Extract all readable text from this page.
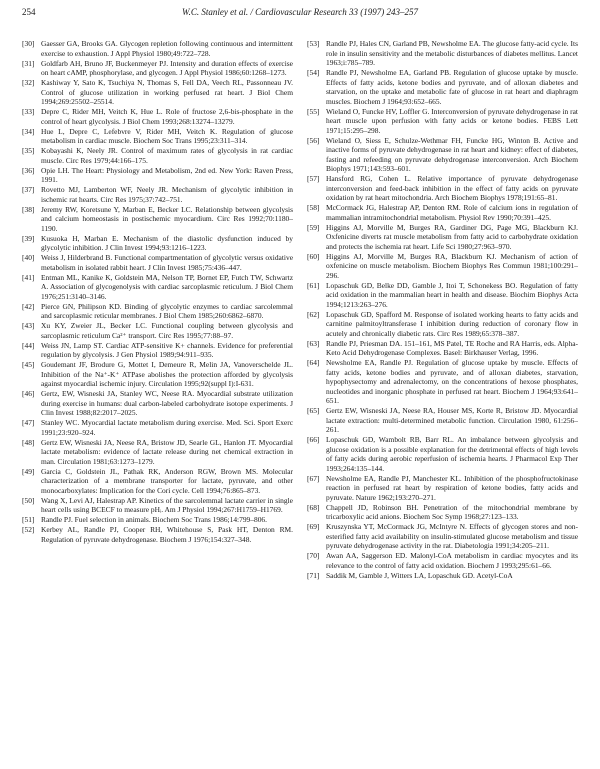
254	W.C. Stanley et al. / Cardiovascular Research 33 (1997) 243–257
[30] Gaesser GA, Brooks GA. Glycogen repletion following continuous and intermittent exercise to exhaustion. J Appl Physiol 1980;49:722–728.
[31] Goldfarb AH, Bruno JF, Buckenmeyer PJ. Intensity and duration effects of exercise on heart cAMP, phosphorylase, and glycogen. J Appl Physiol 1986;60:1268–1273.
[32] Kashiway Y, Sato K, Tsuchiya N, Thomas S, Fell DA, Veech RL, Passonneau JV. Control of glucose utilization in working perfused rat heart. J Biol Chem 1994;269:25502–25514.
[33] Depre C, Rider MH, Veitch K, Hue L. Role of fructose 2,6-bis-phosphate in the control of heart glycolysis. J Biol Chem 1993;268:13274–13279.
[34] Hue L, Depre C, Lefebvre V, Rider MH, Veitch K. Regulation of glucose metabolism in cardiac muscle. Biochem Soc Trans 1995;23:311–314.
[35] Kobayashi K, Neely JR. Control of maximum rates of glycolysis in rat cardiac muscle. Circ Res 1979;44:166–175.
[36] Opie LH. The Heart: Physiology and Metabolism, 2nd ed. New York: Raven Press, 1991.
[37] Rovetto MJ, Lamberton WF, Neely JR. Mechanism of glycolytic inhibition in ischemic rat hearts. Circ Res 1975;37:742–751.
[38] Jeremy RW, Koretsune Y, Marban E, Becker LC. Relationship between glycolysis and calcium homeostasis in postischemic myocardium. Circ Res 1992;70:1180–1190.
[39] Kusuoka H, Marban E. Mechanism of the diastolic dysfunction induced by glycolytic inhibition. J Clin Invest 1994;93:1216–1223.
[40] Weiss J, Hilderbrand B. Functional compartmentation of glycolytic versus oxidative metabolism in isolated rabbit heart. J Clin Invest 1985;75:436–447.
[41] Entman ML, Kanike K, Goldstein MA, Nelson TP, Bornet EP, Futch TW, Schwartz A. Association of glycogenolysis with cardiac sarcoplasmic reticulum. J Biol Chem 1976;251:3140–3146.
[42] Pierce GN, Philipson KD. Binding of glycolytic enzymes to cardiac sarcolemmal and sarcoplasmic reticular membranes. J Biol Chem 1985;260:6862–6870.
[43] Xu KY, Zweier JL, Becker LC. Functional coupling between glycolysis and sarcoplasmic reticulum Ca²⁺ transport. Circ Res 1995;77:88–97.
[44] Weiss JN, Lamp ST. Cardiac ATP-sensitive K+ channels. Evidence for preferential regulation by glycolysis. J Gen Physiol 1989;94:911–935.
[45] Goudemant JF, Brodure G, Mottet I, Demeure R, Melin JA, Vanoverschelde JL. Inhibition of the Na⁺-K⁺ ATPase abolishes the protection afforded by glycolysis against myocardial ischemic injury. Circulation 1995;92(suppl I):I-631.
[46] Gertz, EW, Wisneski JA, Stanley WC, Neese RA. Myocardial substrate utilization during exercise in humans: dual carbon-labeled carbohydrate isotope experiments. J Clin Invest 1988;82:2017–2025.
[47] Stanley WC. Myocardial lactate metabolism during exercise. Med. Sci. Sport Exerc 1991;23:920–924.
[48] Gertz EW, Wisneski JA, Neese RA, Bristow JD, Searle GL, Hanlon JT. Myocardial lactate metabolism: evidence of lactate release during net chemical extraction in man. Circulation 1981;63:1273–1279.
[49] Garcia C, Goldstein JL, Pathak RK, Anderson RGW, Brown MS. Molecular characterization of a membrane transporter for lactate, pyruvate, and other monocarboxylates: Implication for the Cori cycle. Cell 1994;76:865–873.
[50] Wang X, Levi AJ, Halestrap AP. Kinetics of the sarcolemmal lactate carrier in single heart cells using BCECF to measure pHᵢ. Am J Physiol 1994;267:H1759–H1769.
[51] Randle PJ. Fuel selection in animals. Biochem Soc Trans 1986;14:799–806.
[52] Kerbey AL, Randle PJ, Cooper RH, Whitehouse S, Pask HT, Denton RM. Regulation of pyruvate dehydrogenase. Biochem J 1976;154:327–348.
[53] Randle PJ, Hales CN, Garland PB, Newsholme EA. The glucose fatty-acid cycle. Its role in insulin sensitivity and the metabolic disturbances of diabetes mellitus. Lancet 1963;i:785–789.
[54] Randle PJ, Newsholme EA, Garland PB. Regulation of glucose uptake by muscle. Effects of fatty acids, ketone bodies and pyruvate, and of alloxan diabetes and starvation, on the uptake and metabolic fate of glucose in rat heart and diaphragm muscles. Biochem J 1964;93:652–665.
[55] Wieland O, Funcke HV, Loffler G. Interconversion of pyruvate dehydrogenase in rat heart muscle upon perfusion with fatty acids or ketone bodies. FEBS Lett 1971;15:295–298.
[56] Wieland O, Siess E, Schulze-Wethmar FH, Funcke HG, Winton B. Active and inactive forms of pyruvate dehydrogenase in rat heart and kidney: effect of diabetes, fasting and refeeding on pyruvate dehydrogenase interconversion. Arch Biochem Biophys 1971;143:593–601.
[57] Hansford RG, Cohen L. Relative importance of pyruvate dehydrogenase interconversion and feed-back inhibition in the effect of fatty acids on pyruvate oxidation by rat heart mitochondria. Arch Biochem Biophys 1978;191:65–81.
[58] McCormack JG, Halestrap AP, Denton RM. Role of calcium ions in regulation of mammalian intramitochondrial metabolism. Physiol Rev 1990;70:391–425.
[59] Higgins AJ, Morville M, Burges RA, Gardiner DG, Page MG, Blackburn KJ. Oxfenicine diverts rat muscle metabolism from fatty acid to carbohydrate oxidation and protects the ischemia rat heart. Life Sci 1980;27:963–970.
[60] Higgins AJ, Morville M, Burges RA, Blackburn KJ. Mechanism of action of oxfenicine on muscle metabolism. Biochem Biophys Res Commun 1981;100:291–296.
[61] Lopaschuk GD, Belke DD, Gamble J, Itoi T, Schonekess BO. Regulation of fatty acid oxidation in the mammalian heart in health and disease. Biochim Biophys Acta 1994;1213:263–276.
[62] Lopaschuk GD, Spafford M. Response of isolated working hearts to fatty acids and carnitine palmitoyltransferase I inhibition during reduction of coronary flow in acutely and chronically diabetic rats. Circ Res 1989;65:378–387.
[63] Randle PJ, Priesman DA. 151–161, MS Patel, TE Roche and RA Harris, eds. Alpha-Keto Acid Dehydrogenase Complexes. Basel: Birkhauser Verlag, 1996.
[64] Newsholme EA, Randle PJ. Regulation of glucose uptake by muscle. Effects of fatty acids, ketone bodies and pyruvate, and of alloxan diabetes, starvation, hypophysectomy and adrenalectomy, on the concentrations of hexose phosphates, nucleotides and inorganic phosphate in perfused rat heart. Biochem J 1964;93:641–651.
[65] Gertz EW, Wisneski JA, Neese RA, Houser MS, Korte R, Bristow JD. Myocardial lactate extraction: multi-determined metabolic function. Circulation 1980, 61:256–261.
[66] Lopaschuk GD, Wambolt RB, Barr RL. An imbalance between glycolysis and glucose oxidation is a possible explanation for the detrimental effects of high levels of fatty acids during aerobic reperfusion of ischemia hearts. J Pharmacol Exp Ther 1993;264:135–144.
[67] Newsholme EA, Randle PJ, Manchester KL. Inhibition of the phosphofructokinase reaction in perfused rat heart by respiration of ketone bodies, fatty acids and pyruvate. Nature 1962;193:270–271.
[68] Chappell JD, Robinson BH. Penetration of the mitochondrial membrane by tricarboxylic acid anions. Biochem Soc Symp 1968;27:123–133.
[69] Kruszynska YT, McCormack JG, McIntyre N. Effects of glycogen stores and non-esterified fatty acid availability on insulin-stimulated glucose metabolism and tissue pyruvate dehydrogenase activity in the rat. Diabetologia 1991;34:205–211.
[70] Awan AA, Saggerson ED. Malonyl-CoA metabolism in cardiac myocytes and its relevance to the control of fatty acid oxidation. Biochem J 1993;295:61–66.
[71] Saddik M, Gamble J, Witters LA, Lopaschuk GD. Acetyl-CoA
